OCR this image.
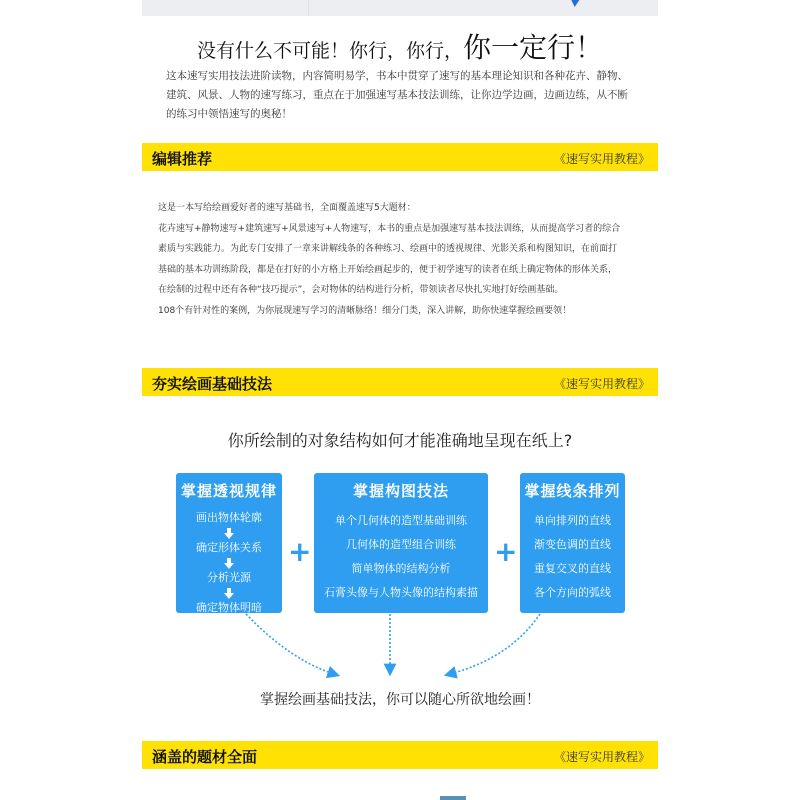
没有什么不可能！你行，你行，你一定行！
这本速写实用技法进阶读物，内容简明易学，书本中贯穿了速写的基本理论知识和各种花卉、静物、建筑、风景、人物的速写练习，重点在于加强速写基本技法训练，让你边学边画，边画边练，从不断的练习中领悟速写的奥秘！
编辑推荐	《速写实用教程》
这是一本写给绘画爱好者的速写基础书，全面覆盖速写5大题材：
花卉速写+静物速写+建筑速写+风景速写+人物速写，本书的重点是加强速写基本技法训练，从而提高学习者的综合
素质与实践能力。为此专门安排了一章来讲解线条的各种练习、绘画中的透视规律、光影关系和构图知识，在前面打
基础的基本功训练阶段，都是在打好的小方格上开始绘画起步的，便于初学速写的读者在纸上确定物体的形体关系，
在绘制的过程中还有各种“技巧提示”，会对物体的结构进行分析，带领读者尽快扎实地打好绘画基础。
108个有针对性的案例，为你展现速写学习的清晰脉络！细分门类，深入讲解，助你快速掌握绘画要领！
夯实绘画基础技法	《速写实用教程》
你所绘制的对象结构如何才能准确地呈现在纸上?
掌握透视规律
画出物体轮廓
确定形体关系
分析光源
确定物体明暗
+
掌握构图技法
单个几何体的造型基础训练
几何体的造型组合训练
简单物体的结构分析
石膏头像与人物头像的结构素描
+
掌握线条排列
单向排列的直线
渐变色调的直线
重复交叉的直线
各个方向的弧线
掌握绘画基础技法，你可以随心所欲地绘画！
涵盖的题材全面	《速写实用教程》
